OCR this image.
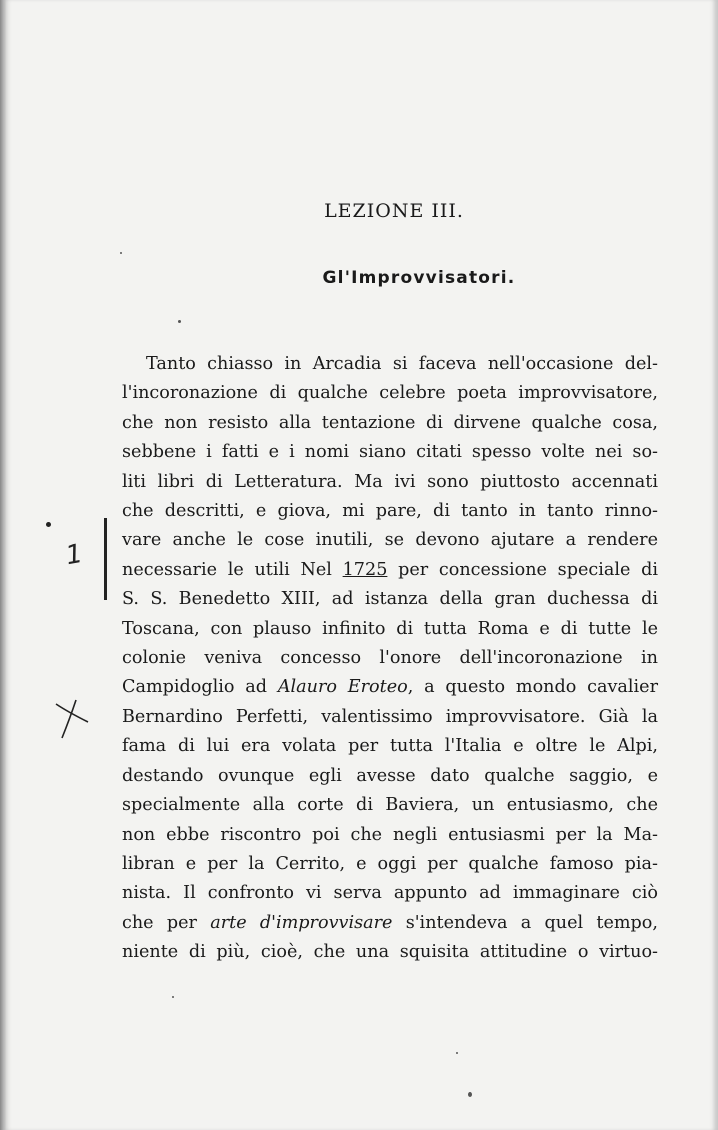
LEZIONE III.
Gl'Improvvisatori.
Tanto chiasso in Arcadia si faceva nell'occasione del-
l'incoronazione di qualche celebre poeta improvvisatore,
che non resisto alla tentazione di dirvene qualche cosa,
sebbene i fatti e i nomi siano citati spesso volte nei so-
liti libri di Letteratura. Ma ivi sono piuttosto accennati
che descritti, e giova, mi pare, di tanto in tanto rinno-
vare anche le cose inutili, se devono ajutare a rendere
necessarie le utili Nel 1725 per concessione speciale di
S. S. Benedetto XIII, ad istanza della gran duchessa di
Toscana, con plauso infinito di tutta Roma e di tutte le
colonie veniva concesso l'onore dell'incoronazione in
Campidoglio ad Alauro Eroteo, a questo mondo cavalier
Bernardino Perfetti, valentissimo improvvisatore. Già la
fama di lui era volata per tutta l'Italia e oltre le Alpi,
destando ovunque egli avesse dato qualche saggio, e
specialmente alla corte di Baviera, un entusiasmo, che
non ebbe riscontro poi che negli entusiasmi per la Ma-
libran e per la Cerrito, e oggi per qualche famoso pia-
nista. Il confronto vi serva appunto ad immaginare ciò
che per arte d'improvvisare s'intendeva a quel tempo,
niente di più, cioè, che una squisita attitudine o virtuo-
1
